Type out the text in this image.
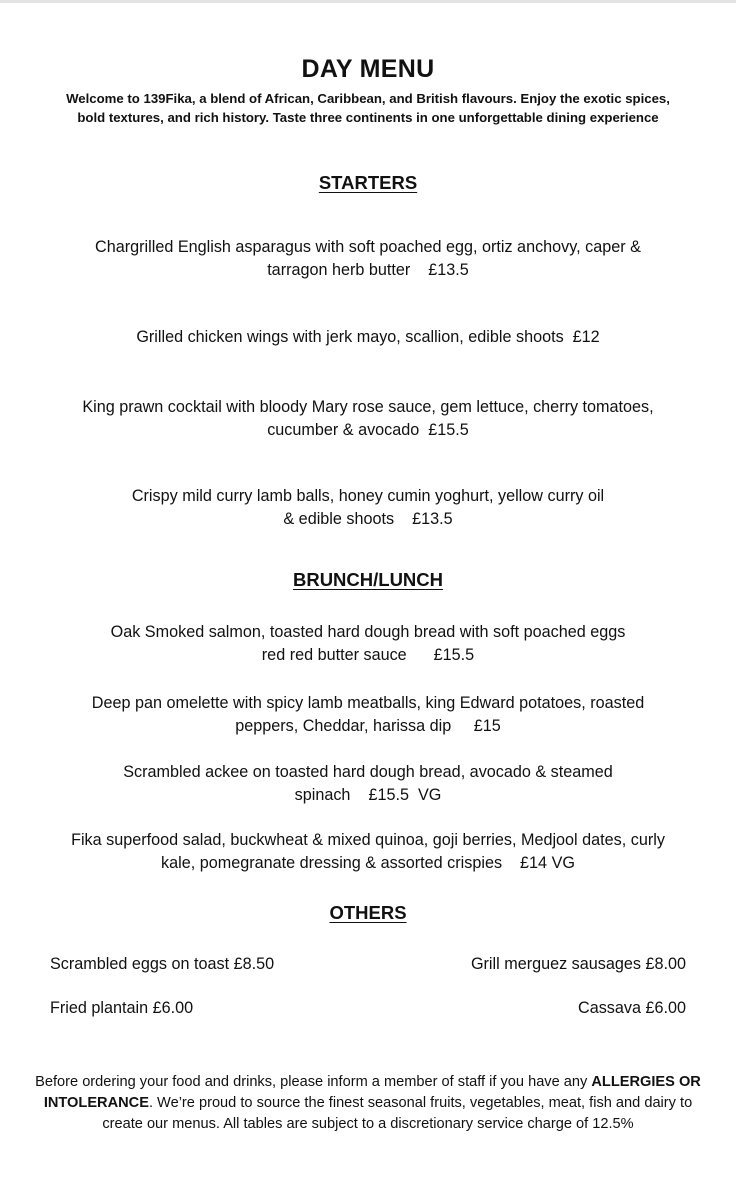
DAY MENU
Welcome to 139Fika, a blend of African, Caribbean, and British flavours. Enjoy the exotic spices, bold textures, and rich history. Taste three continents in one unforgettable dining experience
STARTERS
Chargrilled English asparagus with soft poached egg, ortiz anchovy, caper &
tarragon herb butter £13.5
Grilled chicken wings with jerk mayo, scallion, edible shoots £12
King prawn cocktail with bloody Mary rose sauce, gem lettuce, cherry tomatoes,
cucumber & avocado £15.5
Crispy mild curry lamb balls, honey cumin yoghurt, yellow curry oil
& edible shoots £13.5
BRUNCH/LUNCH
Oak Smoked salmon, toasted hard dough bread with soft poached eggs
red red butter sauce £15.5
Deep pan omelette with spicy lamb meatballs, king Edward potatoes, roasted
peppers, Cheddar, harissa dip £15
Scrambled ackee on toasted hard dough bread, avocado & steamed
spinach £15.5 VG
Fika superfood salad, buckwheat & mixed quinoa, goji berries, Medjool dates, curly
kale, pomegranate dressing & assorted crispies £14 VG
OTHERS
Scrambled eggs on toast £8.50	Grill merguez sausages £8.00
Fried plantain £6.00	Cassava £6.00
Before ordering your food and drinks, please inform a member of staff if you have any ALLERGIES OR INTOLERANCE. We’re proud to source the finest seasonal fruits, vegetables, meat, fish and dairy to create our menus. All tables are subject to a discretionary service charge of 12.5%
